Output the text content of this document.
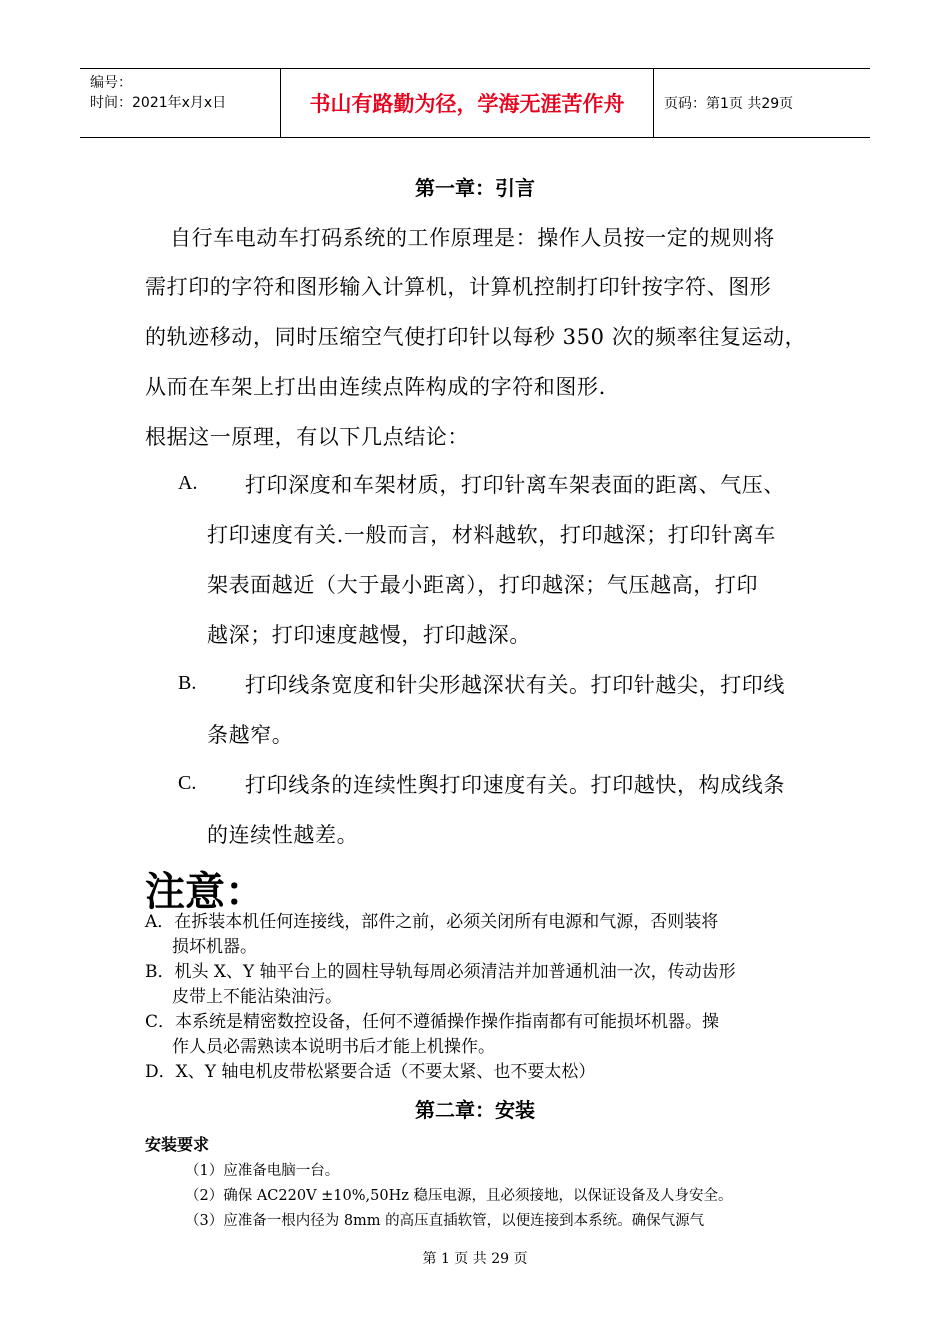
编号：
时间：2021年x月x日	书山有路勤为径，学海无涯苦作舟	页码：第1页 共29页
第一章：引言
自行车电动车打码系统的工作原理是：操作人员按一定的规则将
需打印的字符和图形输入计算机，计算机控制打印针按字符、图形
的轨迹移动，同时压缩空气使打印针以每秒 350 次的频率往复运动，
从而在车架上打出由连续点阵构成的字符和图形.
根据这一原理，有以下几点结论：
A. 打印深度和车架材质，打印针离车架表面的距离、气压、
打印速度有关.一般而言，材料越软，打印越深；打印针离车
架表面越近（大于最小距离），打印越深；气压越高，打印
越深；打印速度越慢，打印越深。
B. 打印线条宽度和针尖形越深状有关。打印针越尖，打印线
条越窄。
C. 打印线条的连续性舆打印速度有关。打印越快，构成线条
的连续性越差。
注意：
A．在拆装本机任何连接线，部件之前，必须关闭所有电源和气源，否则装将
损坏机器。
B．机头 X、Y 轴平台上的圆柱导轨每周必须清洁并加普通机油一次，传动齿形
皮带上不能沾染油污。
C．本系统是精密数控设备，任何不遵循操作操作指南都有可能损坏机器。操
作人员必需熟读本说明书后才能上机操作。
D．X、Y 轴电机皮带松紧要合适（不要太紧、也不要太松）
第二章：安装
安装要求
（1）应准备电脑一台。
（2）确保 AC220V ±10%,50Hz 稳压电源，且必须接地，以保证设备及人身安全。
（3）应准备一根内径为 8mm 的高压直插软管，以便连接到本系统。确保气源气
第 1 页 共 29 页
